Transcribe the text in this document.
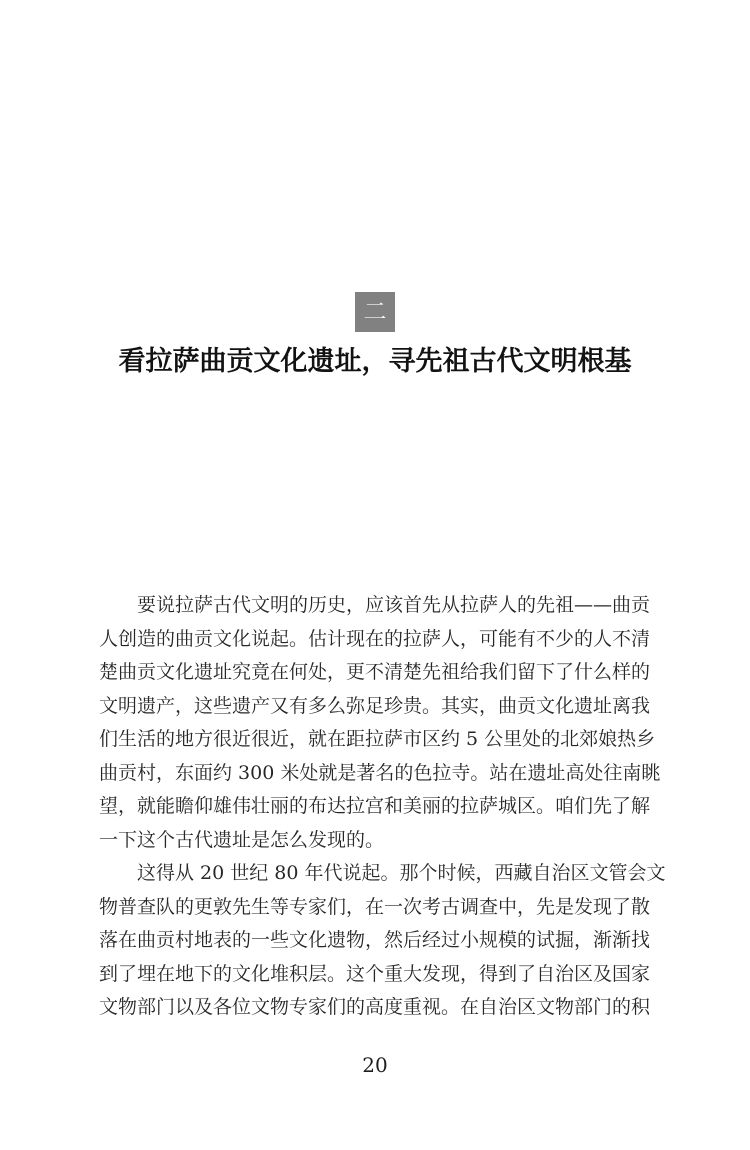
二
看拉萨曲贡文化遗址，寻先祖古代文明根基
　　要说拉萨古代文明的历史，应该首先从拉萨人的先祖——曲贡
人创造的曲贡文化说起。估计现在的拉萨人，可能有不少的人不清
楚曲贡文化遗址究竟在何处，更不清楚先祖给我们留下了什么样的
文明遗产，这些遗产又有多么弥足珍贵。其实，曲贡文化遗址离我
们生活的地方很近很近，就在距拉萨市区约 5 公里处的北郊娘热乡
曲贡村，东面约 300 米处就是著名的色拉寺。站在遗址高处往南眺
望，就能瞻仰雄伟壮丽的布达拉宫和美丽的拉萨城区。咱们先了解
一下这个古代遗址是怎么发现的。
　　这得从 20 世纪 80 年代说起。那个时候，西藏自治区文管会文
物普查队的更敦先生等专家们，在一次考古调查中，先是发现了散
落在曲贡村地表的一些文化遗物，然后经过小规模的试掘，渐渐找
到了埋在地下的文化堆积层。这个重大发现，得到了自治区及国家
文物部门以及各位文物专家们的高度重视。在自治区文物部门的积
20
